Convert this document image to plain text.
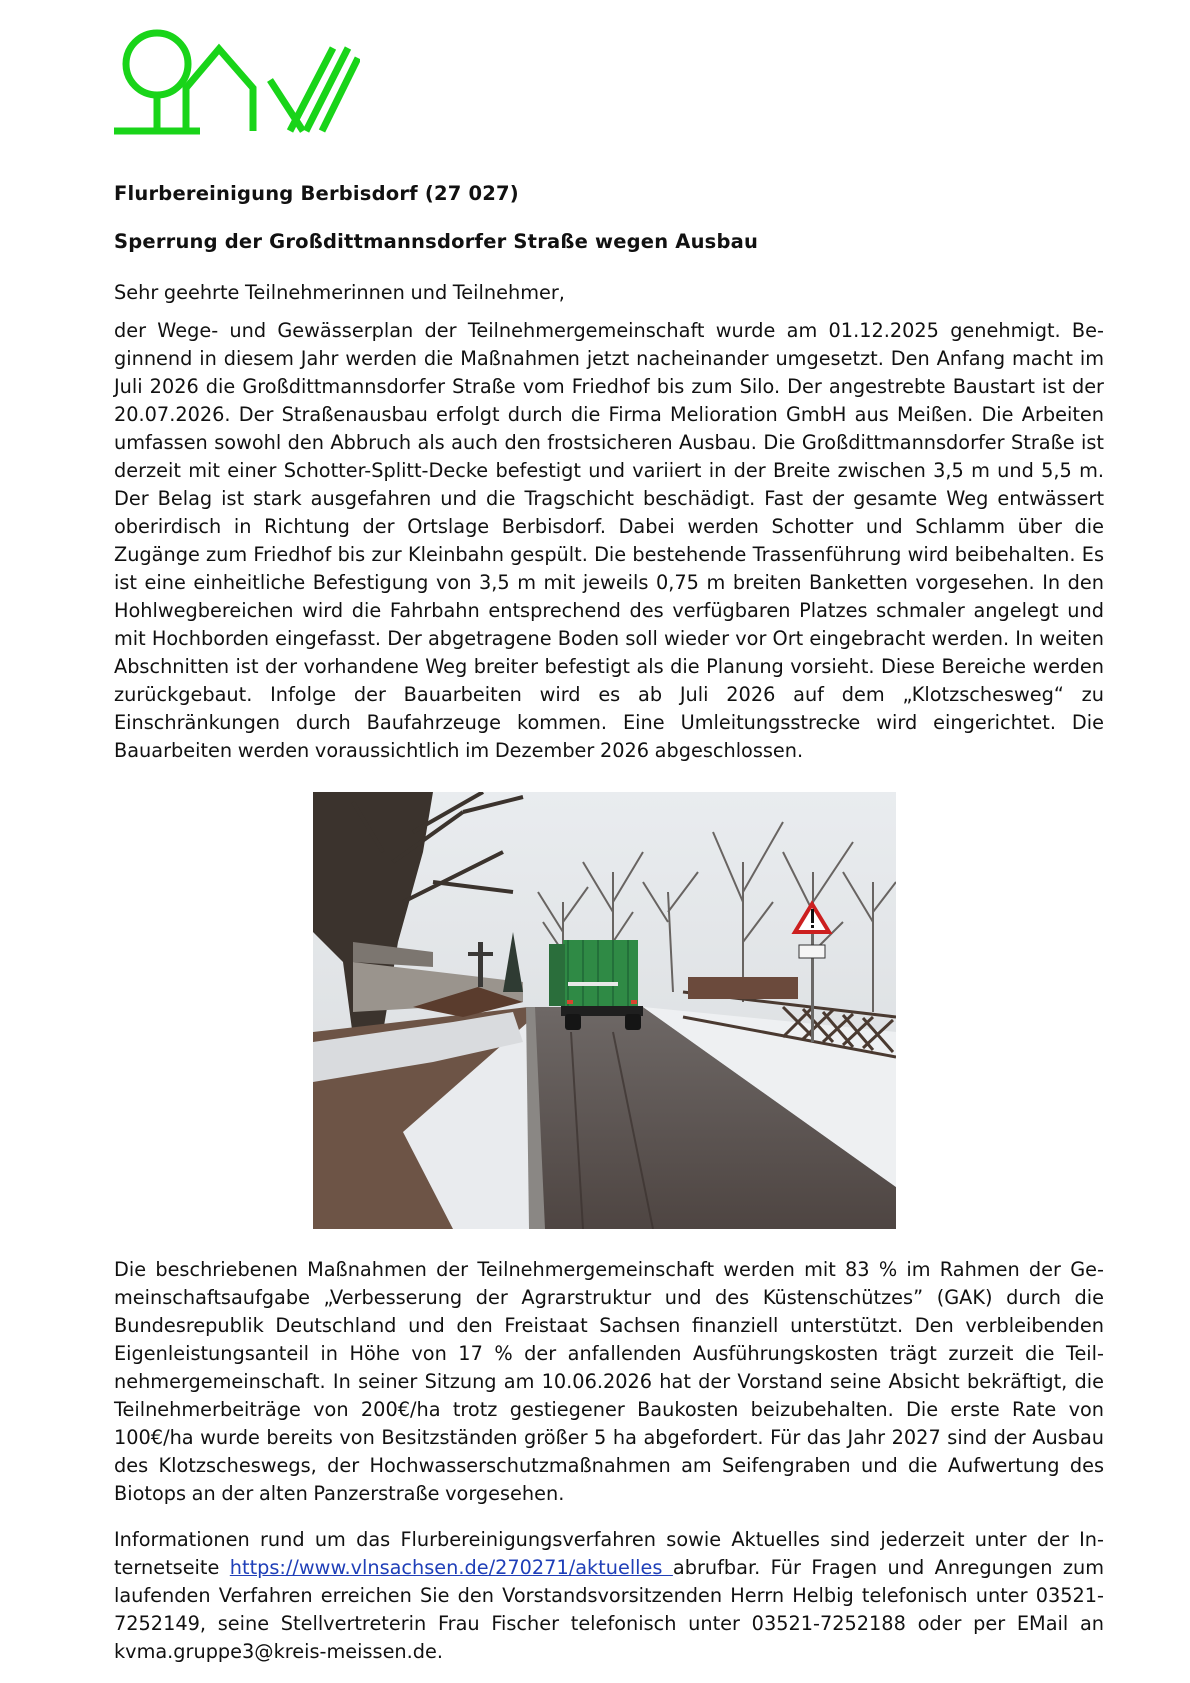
Flurbereinigung Berbisdorf (27 027)
Sperrung der Großdittmannsdorfer Straße wegen Ausbau

Sehr geehrte Teilnehmerinnen und Teilnehmer,

der Wege- und Gewässerplan der Teilnehmergemeinschaft wurde am 01.12.2025 genehmigt. Beginnend in diesem Jahr werden die Maßnahmen jetzt nacheinander umgesetzt. Den Anfang macht im Juli 2026 die Großdittmannsdorfer Straße vom Friedhof bis zum Silo. Der angestrebte Baustart ist der 20.07.2026. Der Straßenausbau erfolgt durch die Firma Melioration GmbH aus Meißen. Die Arbeiten umfassen sowohl den Abbruch als auch den frostsicheren Ausbau. Die Großdittmannsdorfer Straße ist derzeit mit einer Schotter-Splitt-Decke befestigt und variiert in der Breite zwischen 3,5 m und 5,5 m. Der Belag ist stark ausgefahren und die Tragschicht beschädigt. Fast der gesamte Weg entwässert oberirdisch in Richtung der Ortslage Berbisdorf. Dabei werden Schotter und Schlamm über die Zugänge zum Friedhof bis zur Kleinbahn gespült. Die bestehende Trassenführung wird beibehalten. Es ist eine einheitliche Befestigung von 3,5 m mit jeweils 0,75 m breiten Banketten vorgesehen. In den Hohlwegbereichen wird die Fahrbahn entsprechend des verfügbaren Platzes schmaler angelegt und mit Hochborden eingefasst. Der abgetragene Boden soll wieder vor Ort eingebracht werden. In weiten Abschnitten ist der vorhandene Weg breiter befestigt als die Planung vorsieht. Diese Bereiche werden zurückgebaut. Infolge der Bauarbeiten wird es ab Juli 2026 auf dem „Klotzschesweg“ zu Einschränkungen durch Baufahrzeuge kommen. Eine Umleitungsstrecke wird eingerichtet. Die Bauarbeiten werden voraussichtlich im Dezember 2026 abgeschlossen.

Die beschriebenen Maßnahmen der Teilnehmergemeinschaft werden mit 83 % im Rahmen der Gemeinschaftsaufgabe „Verbesserung der Agrarstruktur und des Küstenschützes” (GAK) durch die Bundesrepublik Deutschland und den Freistaat Sachsen finanziell unterstützt. Den verbleibenden Eigenleistungsanteil in Höhe von 17 % der anfallenden Ausführungskosten trägt zurzeit die Teilnehmergemeinschaft. In seiner Sitzung am 10.06.2026 hat der Vorstand seine Absicht bekräftigt, die Teilnehmerbeiträge von 200€/ha trotz gestiegener Baukosten beizubehalten. Die erste Rate von 100€/ha wurde bereits von Besitzständen größer 5 ha abgefordert. Für das Jahr 2027 sind der Ausbau des Klotzscheswegs, der Hochwasserschutzmaßnahmen am Seifengraben und die Aufwertung des Biotops an der alten Panzerstraße vorgesehen.

Informationen rund um das Flurbereinigungsverfahren sowie Aktuelles sind jederzeit unter der Internetseite https://www.vlnsachsen.de/270271/aktuelles abrufbar. Für Fragen und Anregungen zum laufenden Verfahren erreichen Sie den Vorstandsvorsitzenden Herrn Helbig telefonisch unter 03521-7252149, seine Stellvertreterin Frau Fischer telefonisch unter 03521-7252188 oder per EMail an kvma.gruppe3@kreis-meissen.de.
